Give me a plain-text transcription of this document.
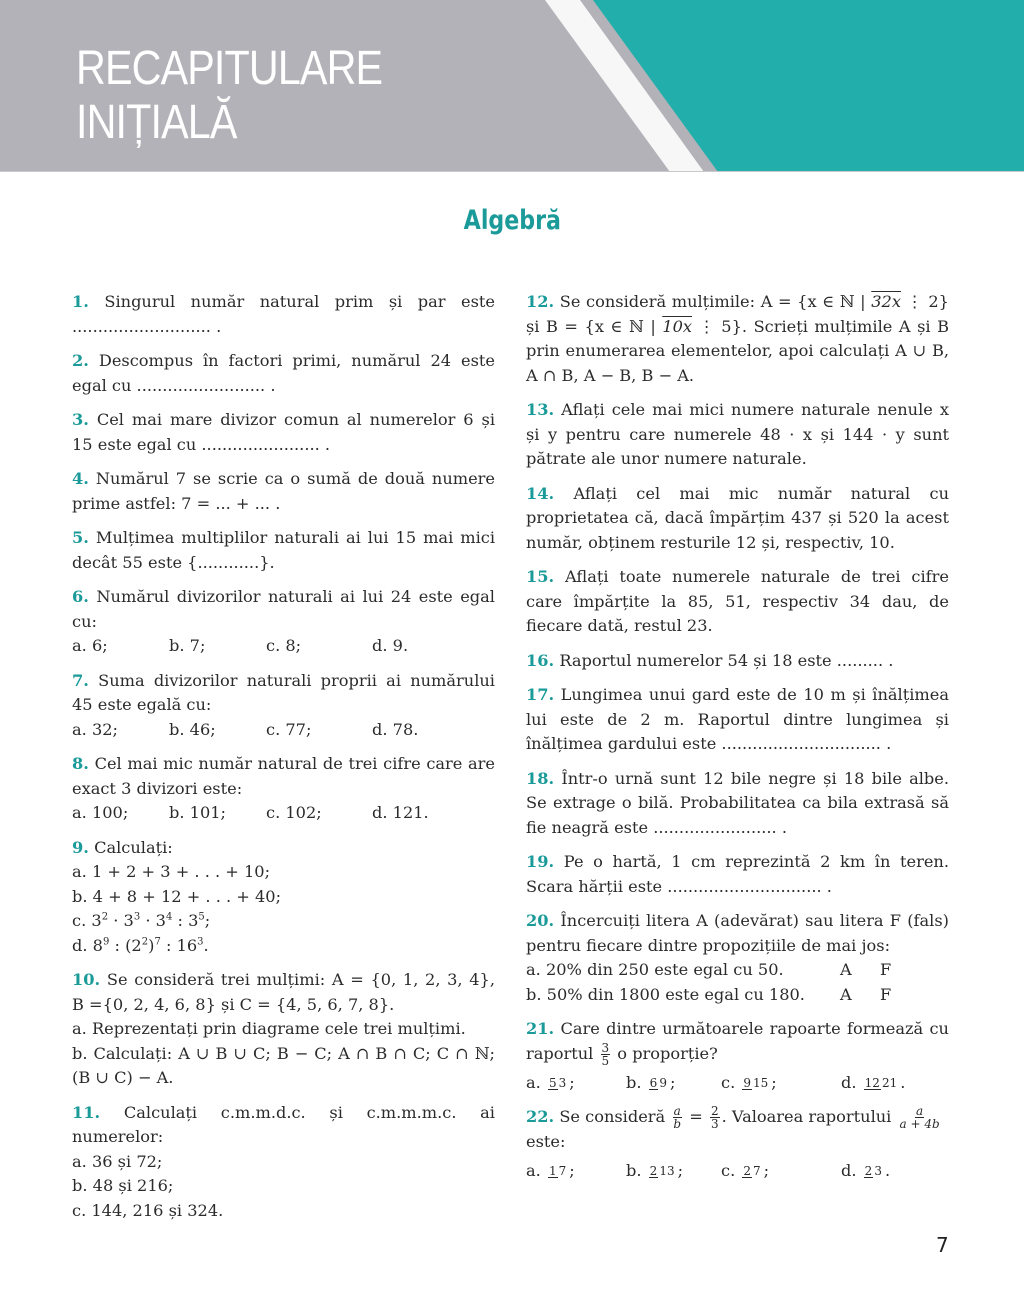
RECAPITULARE
INIȚIALĂ
Algebră

1. Singurul număr natural prim și par este ........................... .

2. Descompus în factori primi, numărul 24 este egal cu ......................... .

3. Cel mai mare divizor comun al numerelor 6 și 15 este egal cu ....................... .

4. Numărul 7 se scrie ca o sumă de două numere prime astfel: 7 = ... + ... .

5. Mulțimea multiplilor naturali ai lui 15 mai mici decât 55 este {............}.

6. Numărul divizorilor naturali ai lui 24 este egal cu:
a. 6;	b. 7;	c. 8;	d. 9.
7. Suma divizorilor naturali proprii ai numărului 45 este egală cu:
a. 32;	b. 46;	c. 77;	d. 78.
8. Cel mai mic număr natural de trei cifre care are exact 3 divizori este:
a. 100;	b. 101;	c. 102;	d. 121.
9. Calculați:
a. 1 + 2 + 3 + . . . + 10;
b. 4 + 8 + 12 + . . . + 40;
c. $3^2 \cdot 3^3 \cdot 3^4$ : $3^5$;
d. $8^9$ : $(2^2)^7$ : $16^3$.
10. Se consideră trei mulțimi: A = {0, 1, 2, 3, 4}, B ={0, 2, 4, 6, 8} și C = {4, 5, 6, 7, 8}.
a. Reprezentați prin diagrame cele trei mulțimi.
b. Calculați: A ∪ B ∪ C; B − C; A ∩ B ∩ C; C ∩ ℕ; (B ∪ C) − A.
11. Calculați c.m.m.d.c. și c.m.m.m.c. ai numerelor:
a. 36 și 72;
b. 48 și 216;
c. 144, 216 și 324.

12. Se consideră mulțimile: A = {x ∈ ℕ | 32x ⋮ 2} și B = {x ∈ ℕ | 10x ⋮ 5}. Scrieți mulțimile A și B prin enumerarea elementelor, apoi calculați A ∪ B, A ∩ B, A − B, B − A.

13. Aflați cele mai mici numere naturale nenule x și y pentru care numerele 48 · x și 144 · y sunt pătrate ale unor numere naturale.

14. Aflați cel mai mic număr natural cu proprietatea că, dacă împărțim 437 și 520 la acest număr, obținem resturile 12 și, respectiv, 10.

15. Aflați toate numerele naturale de trei cifre care împărțite la 85, 51, respectiv 34 dau, de fiecare dată, restul 23.

16. Raportul numerelor 54 și 18 este ......... .

17. Lungimea unui gard este de 10 m și înălțimea lui este de 2 m. Raportul dintre lungimea și înălțimea gardului este ............................... .

18. Într-o urnă sunt 12 bile negre și 18 bile albe. Se extrage o bilă. Probabilitatea ca bila extrasă să fie neagră este ........................ .

19. Pe o hartă, 1 cm reprezintă 2 km în teren. Scara hărții este .............................. .

20. Încercuiți litera A (adevărat) sau litera F (fals) pentru fiecare dintre propozițiile de mai jos:
a. 20% din 250 este egal cu 50.	A	F
b. 50% din 1800 este egal cu 180.	A	F
21. Care dintre următoarele rapoarte formează cu raportul $\frac{3}{5}$ o proporție?
a. 5 3 ;	b. 6 9 ;	c. 9 15 ;	d. 12 21 .
22. Se consideră $\frac{a}{b} = \frac{2}{3}$ . Valoarea raportului $\frac{a}{a + 4b}$
este:
a. 1 7 ;	b. 2 13 ;	c. 2 7 ;	d. 2 3 .
7
